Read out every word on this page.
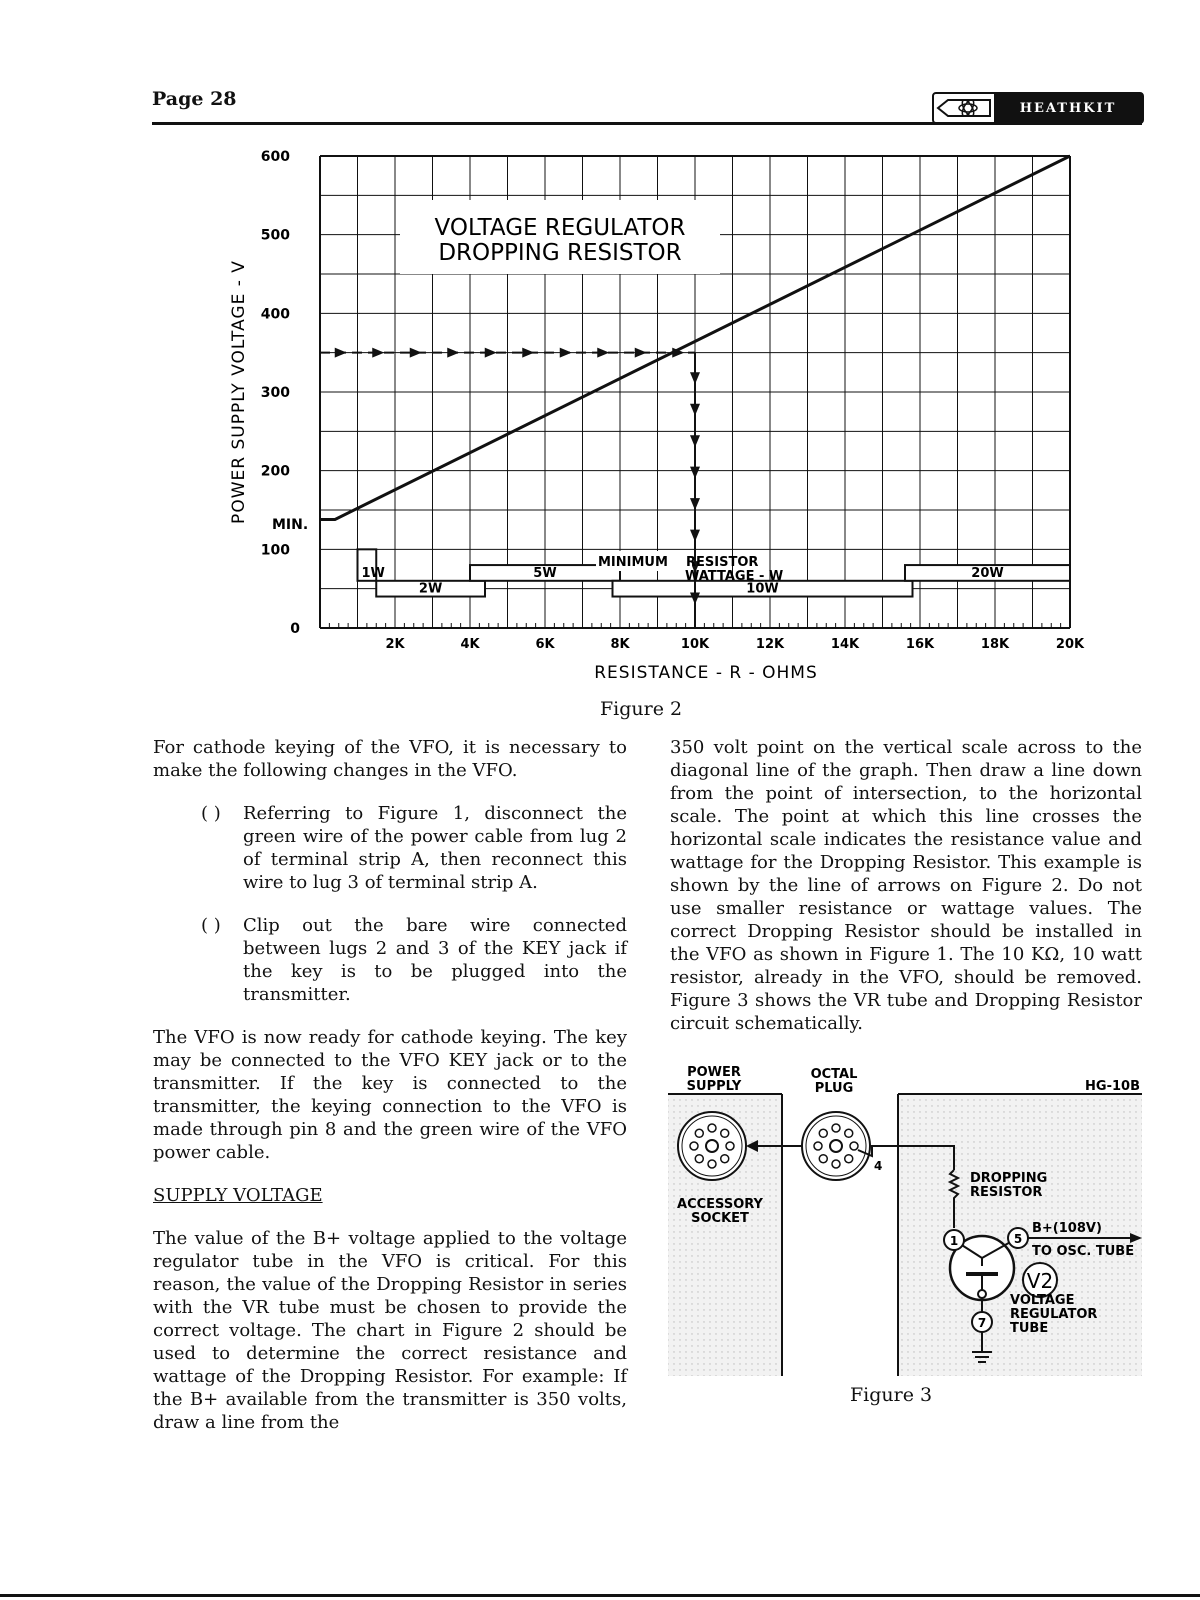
Page 28	HEATHKIT
1W
2W
5W
10W
20W
2K	4K	6K	8K	10K	12K	14K	16K	18K	20K
0
100
200
300
400
500
600
VOLTAGE REGULATOR
DROPPING RESISTOR
POWER SUPPLY VOLTAGE - V
RESISTANCE - R - OHMS
MIN.
MINIMUM RESISTOR
WATTAGE - W
Figure 2

For cathode keying of the VFO, it is necessary to make the following changes in the VFO.

( )	Referring to Figure 1, disconnect the green wire of the power cable from lug 2 of terminal strip A, then reconnect this wire to lug 3 of terminal strip A.
( )	Clip out the bare wire connected between lugs 2 and 3 of the KEY jack if the key is to be plugged into the transmitter.

The VFO is now ready for cathode keying. The key may be connected to the VFO KEY jack or to the transmitter. If the key is connected to the transmitter, the keying connection to the VFO is made through pin 8 and the green wire of the VFO power cable.

SUPPLY VOLTAGE

The value of the B+ voltage applied to the voltage regulator tube in the VFO is critical. For this reason, the value of the Dropping Resistor in series with the VR tube must be chosen to provide the correct voltage. The chart in Figure 2 should be used to determine the correct resistance and wattage of the Dropping Resistor. For example: If the B+ available from the transmitter is 350 volts, draw a line from the

350 volt point on the vertical scale across to the diagonal line of the graph. Then draw a line down from the point of intersection, to the horizontal scale. The point at which this line crosses the horizontal scale indicates the resistance value and wattage for the Dropping Resistor. This example is shown by the line of arrows on Figure 2. Do not use smaller resistance or wattage values. The correct Dropping Resistor should be installed in the VFO as shown in Figure 1. The 10 KΩ, 10 watt resistor, already in the VFO, should be removed. Figure 3 shows the VR tube and Dropping Resistor circuit schematically.

POWER
SUPPLY
OCTAL
PLUG	HG-10B
ACCESSORY
SOCKET
4
DROPPING
RESISTOR
1	5
B+(108V)
TO OSC. TUBE
V2
7
VOLTAGE
REGULATOR
TUBE
Figure 3
